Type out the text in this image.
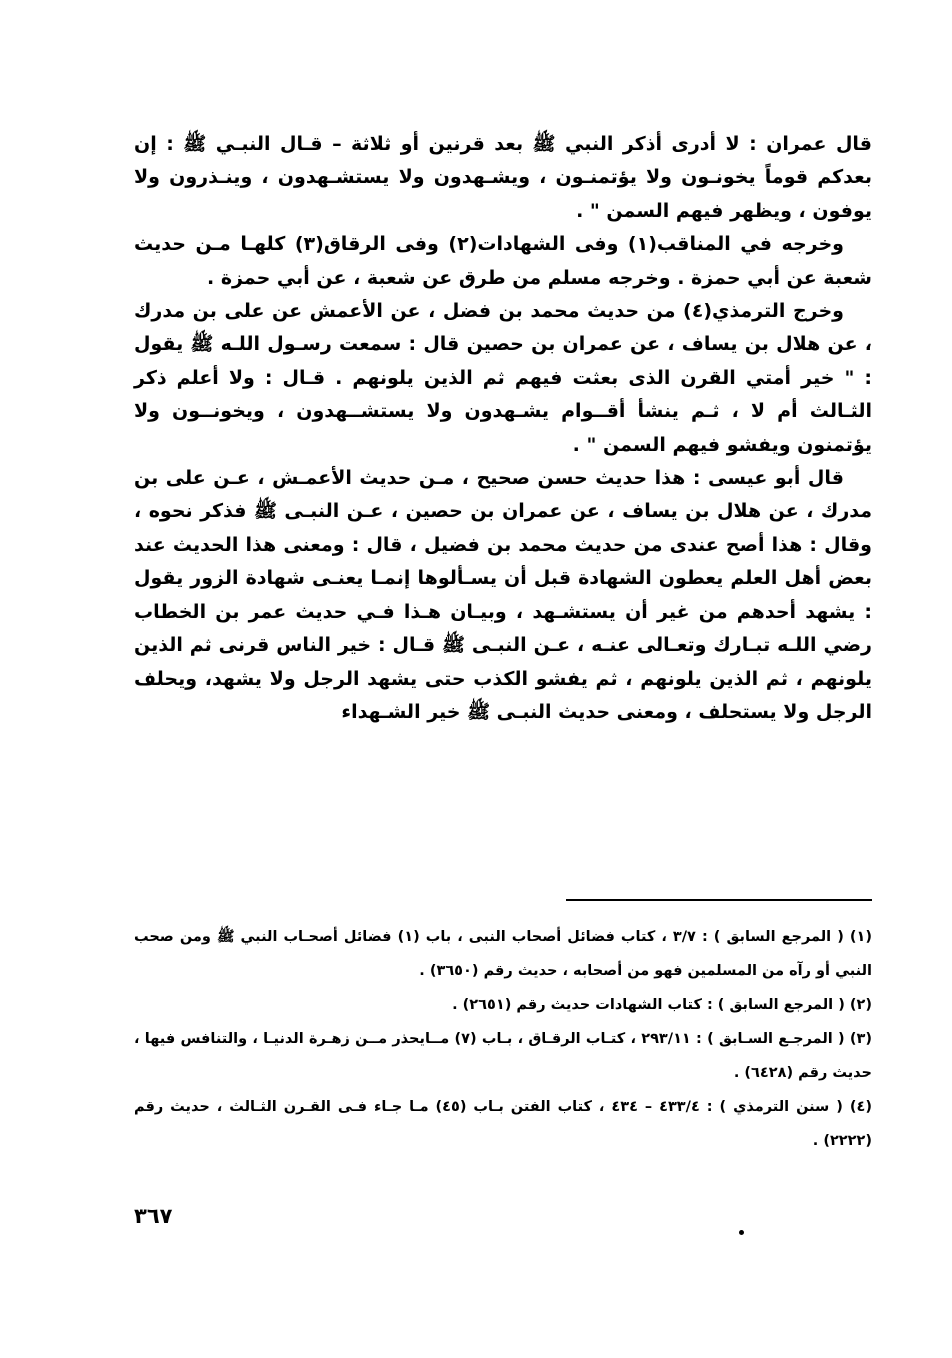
قال عمران : لا أدرى أذكر النبي ﷺ بعد قرنين أو ثلاثة – قـال النبـي ﷺ : إن بعدكم قوماً يخونـون ولا يؤتمنـون ، ويشـهدون ولا يستشـهدون ، وينـذرون ولا يوفون ، ويظهر فيهم السمن " .

وخرجه في المناقب(١) وفى الشهادات(٢) وفى الرقاق(٣) كلهـا مـن حديث شعبة عن أبي حمزة . وخرجه مسلم من طرق عن شعبة ، عن أبي حمزة .

وخرج الترمذي(٤) من حديث محمد بن فضل ، عن الأعمش عن على بن مدرك ، عن هلال بن يساف ، عن عمران بن حصين قال : سمعت رسـول اللـه ﷺ يقول : " خير أمتي القرن الذى بعثت فيهم ثم الذين يلونهم . قـال : ولا أعلم ذكر الثـالث أم لا ، ثـم ينشأ أقــوام يشـهدون ولا يستشــهدون ، ويخونــون ولا يؤتمنون ويفشو فيهم السمن " .

قال أبو عيسى : هذا حديث حسن صحيح ، مـن حديث الأعمـش ، عـن على بن مدرك ، عن هلال بن يساف ، عن عمران بن حصين ، عـن النبـى ﷺ فذكر نحوه ، وقال : هذا أصح عندى من حديث محمد بن فضيل ، قال : ومعنى هذا الحديث عند بعض أهل العلم يعطون الشهادة قبل أن يسـألوها إنمـا يعنـى شهادة الزور يقول : يشهد أحدهم من غير أن يستشـهد ، وبيـان هـذا فـي حديث عمر بن الخطاب رضي اللـه تبـارك وتعـالى عنـه ، عـن النبـى ﷺ قـال : خير الناس قرنى ثم الذين يلونهم ، ثم الذين يلونهم ، ثم يفشو الكذب حتى يشهد الرجل ولا يشهد، ويحلف الرجل ولا يستحلف ، ومعنى حديث النبـى ﷺ خير الشـهداء

(١) ( المرجع السابق ) : ٣/٧ ، كتاب فضائل أصحاب النبى ، باب (١) فضائل أصحـاب النبي ﷺ ومن صحب النبي أو رآه من المسلمين فهو من أصحابه ، حديث رقم (٣٦٥٠) .

(٢) ( المرجع السابق ) : كتاب الشهادات حديث رقم (٢٦٥١) .

(٣) ( المرجـع السـابق ) : ٢٩٣/١١ ، كتـاب الرقـاق ، بـاب (٧) مــايحذر مــن زهـرة الدنيـا ، والتنافس فيها ، حديث رقم (٦٤٢٨) .

(٤) ( سنن الترمذي ) : ٤٣٣/٤ – ٤٣٤ ، كتاب الفتن بـاب (٤٥) مـا جـاء فـى القـرن الثـالث ، حديث رقم (٢٢٢٢) .

٣٦٧
